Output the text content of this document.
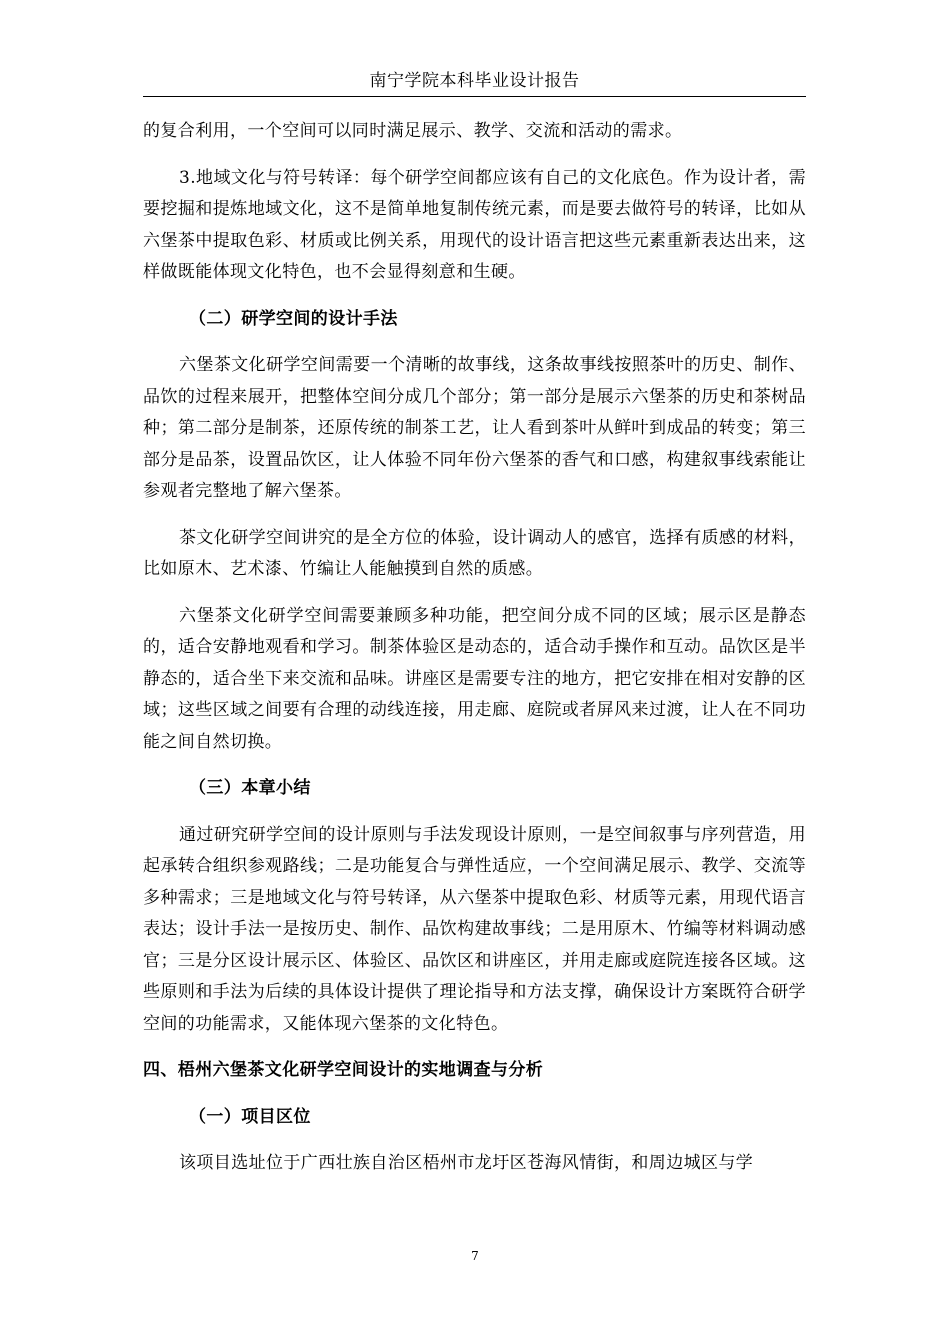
南宁学院本科毕业设计报告

的复合利用，一个空间可以同时满足展示、教学、交流和活动的需求。

3.地域文化与符号转译：每个研学空间都应该有自己的文化底色。作为设计者，需要挖掘和提炼地域文化，这不是简单地复制传统元素，而是要去做符号的转译，比如从六堡茶中提取色彩、材质或比例关系，用现代的设计语言把这些元素重新表达出来，这样做既能体现文化特色，也不会显得刻意和生硬。

（二）研学空间的设计手法

六堡茶文化研学空间需要一个清晰的故事线，这条故事线按照茶叶的历史、制作、品饮的过程来展开，把整体空间分成几个部分；第一部分是展示六堡茶的历史和茶树品种；第二部分是制茶，还原传统的制茶工艺，让人看到茶叶从鲜叶到成品的转变；第三部分是品茶，设置品饮区，让人体验不同年份六堡茶的香气和口感，构建叙事线索能让参观者完整地了解六堡茶。

茶文化研学空间讲究的是全方位的体验，设计调动人的感官，选择有质感的材料，比如原木、艺术漆、竹编让人能触摸到自然的质感。

六堡茶文化研学空间需要兼顾多种功能，把空间分成不同的区域；展示区是静态的，适合安静地观看和学习。制茶体验区是动态的，适合动手操作和互动。品饮区是半静态的，适合坐下来交流和品味。讲座区是需要专注的地方，把它安排在相对安静的区域；这些区域之间要有合理的动线连接，用走廊、庭院或者屏风来过渡，让人在不同功能之间自然切换。

（三）本章小结

通过研究研学空间的设计原则与手法发现设计原则，一是空间叙事与序列营造，用起承转合组织参观路线；二是功能复合与弹性适应，一个空间满足展示、教学、交流等多种需求；三是地域文化与符号转译，从六堡茶中提取色彩、材质等元素，用现代语言表达；设计手法一是按历史、制作、品饮构建故事线；二是用原木、竹编等材料调动感官；三是分区设计展示区、体验区、品饮区和讲座区，并用走廊或庭院连接各区域。这些原则和手法为后续的具体设计提供了理论指导和方法支撑，确保设计方案既符合研学空间的功能需求，又能体现六堡茶的文化特色。

四、梧州六堡茶文化研学空间设计的实地调查与分析
（一）项目区位

该项目选址位于广西壮族自治区梧州市龙圩区苍海风情街，和周边城区与学

7
